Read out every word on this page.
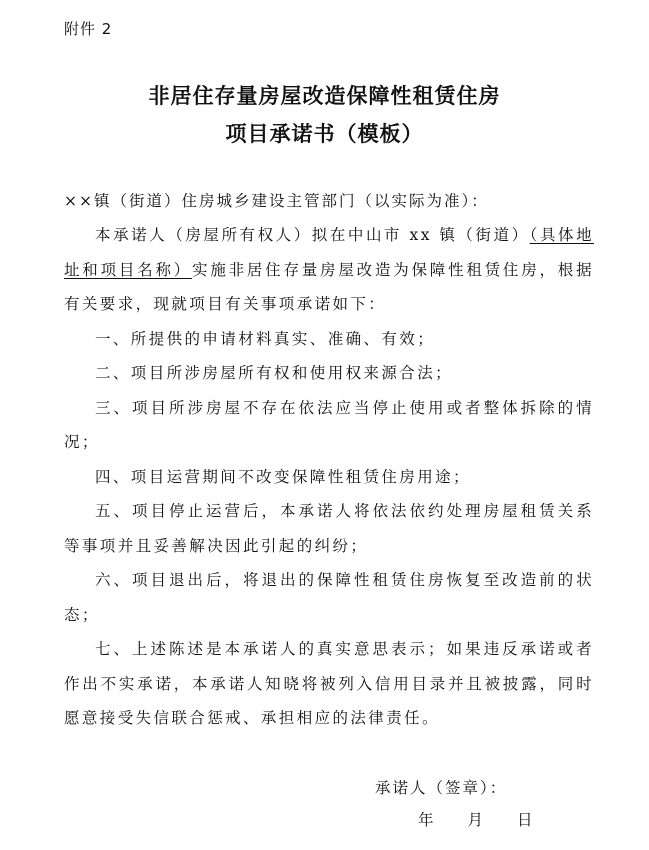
附件 2
非居住存量房屋改造保障性租赁住房
项目承诺书（模板）
××镇（街道）住房城乡建设主管部门（以实际为准）：

本承诺人（房屋所有权人）拟在中山市 xx 镇（街道）（具体地址和项目名称）实施非居住存量房屋改造为保障性租赁住房，根据有关要求，现就项目有关事项承诺如下：

一、所提供的申请材料真实、准确、有效；

二、项目所涉房屋所有权和使用权来源合法；

三、项目所涉房屋不存在依法应当停止使用或者整体拆除的情况；

四、项目运营期间不改变保障性租赁住房用途；

五、项目停止运营后，本承诺人将依法依约处理房屋租赁关系等事项并且妥善解决因此引起的纠纷；

六、项目退出后，将退出的保障性租赁住房恢复至改造前的状态；

七、上述陈述是本承诺人的真实意思表示；如果违反承诺或者作出不实承诺，本承诺人知晓将被列入信用目录并且被披露，同时愿意接受失信联合惩戒、承担相应的法律责任。

承诺人（签章）：
年 月 日
